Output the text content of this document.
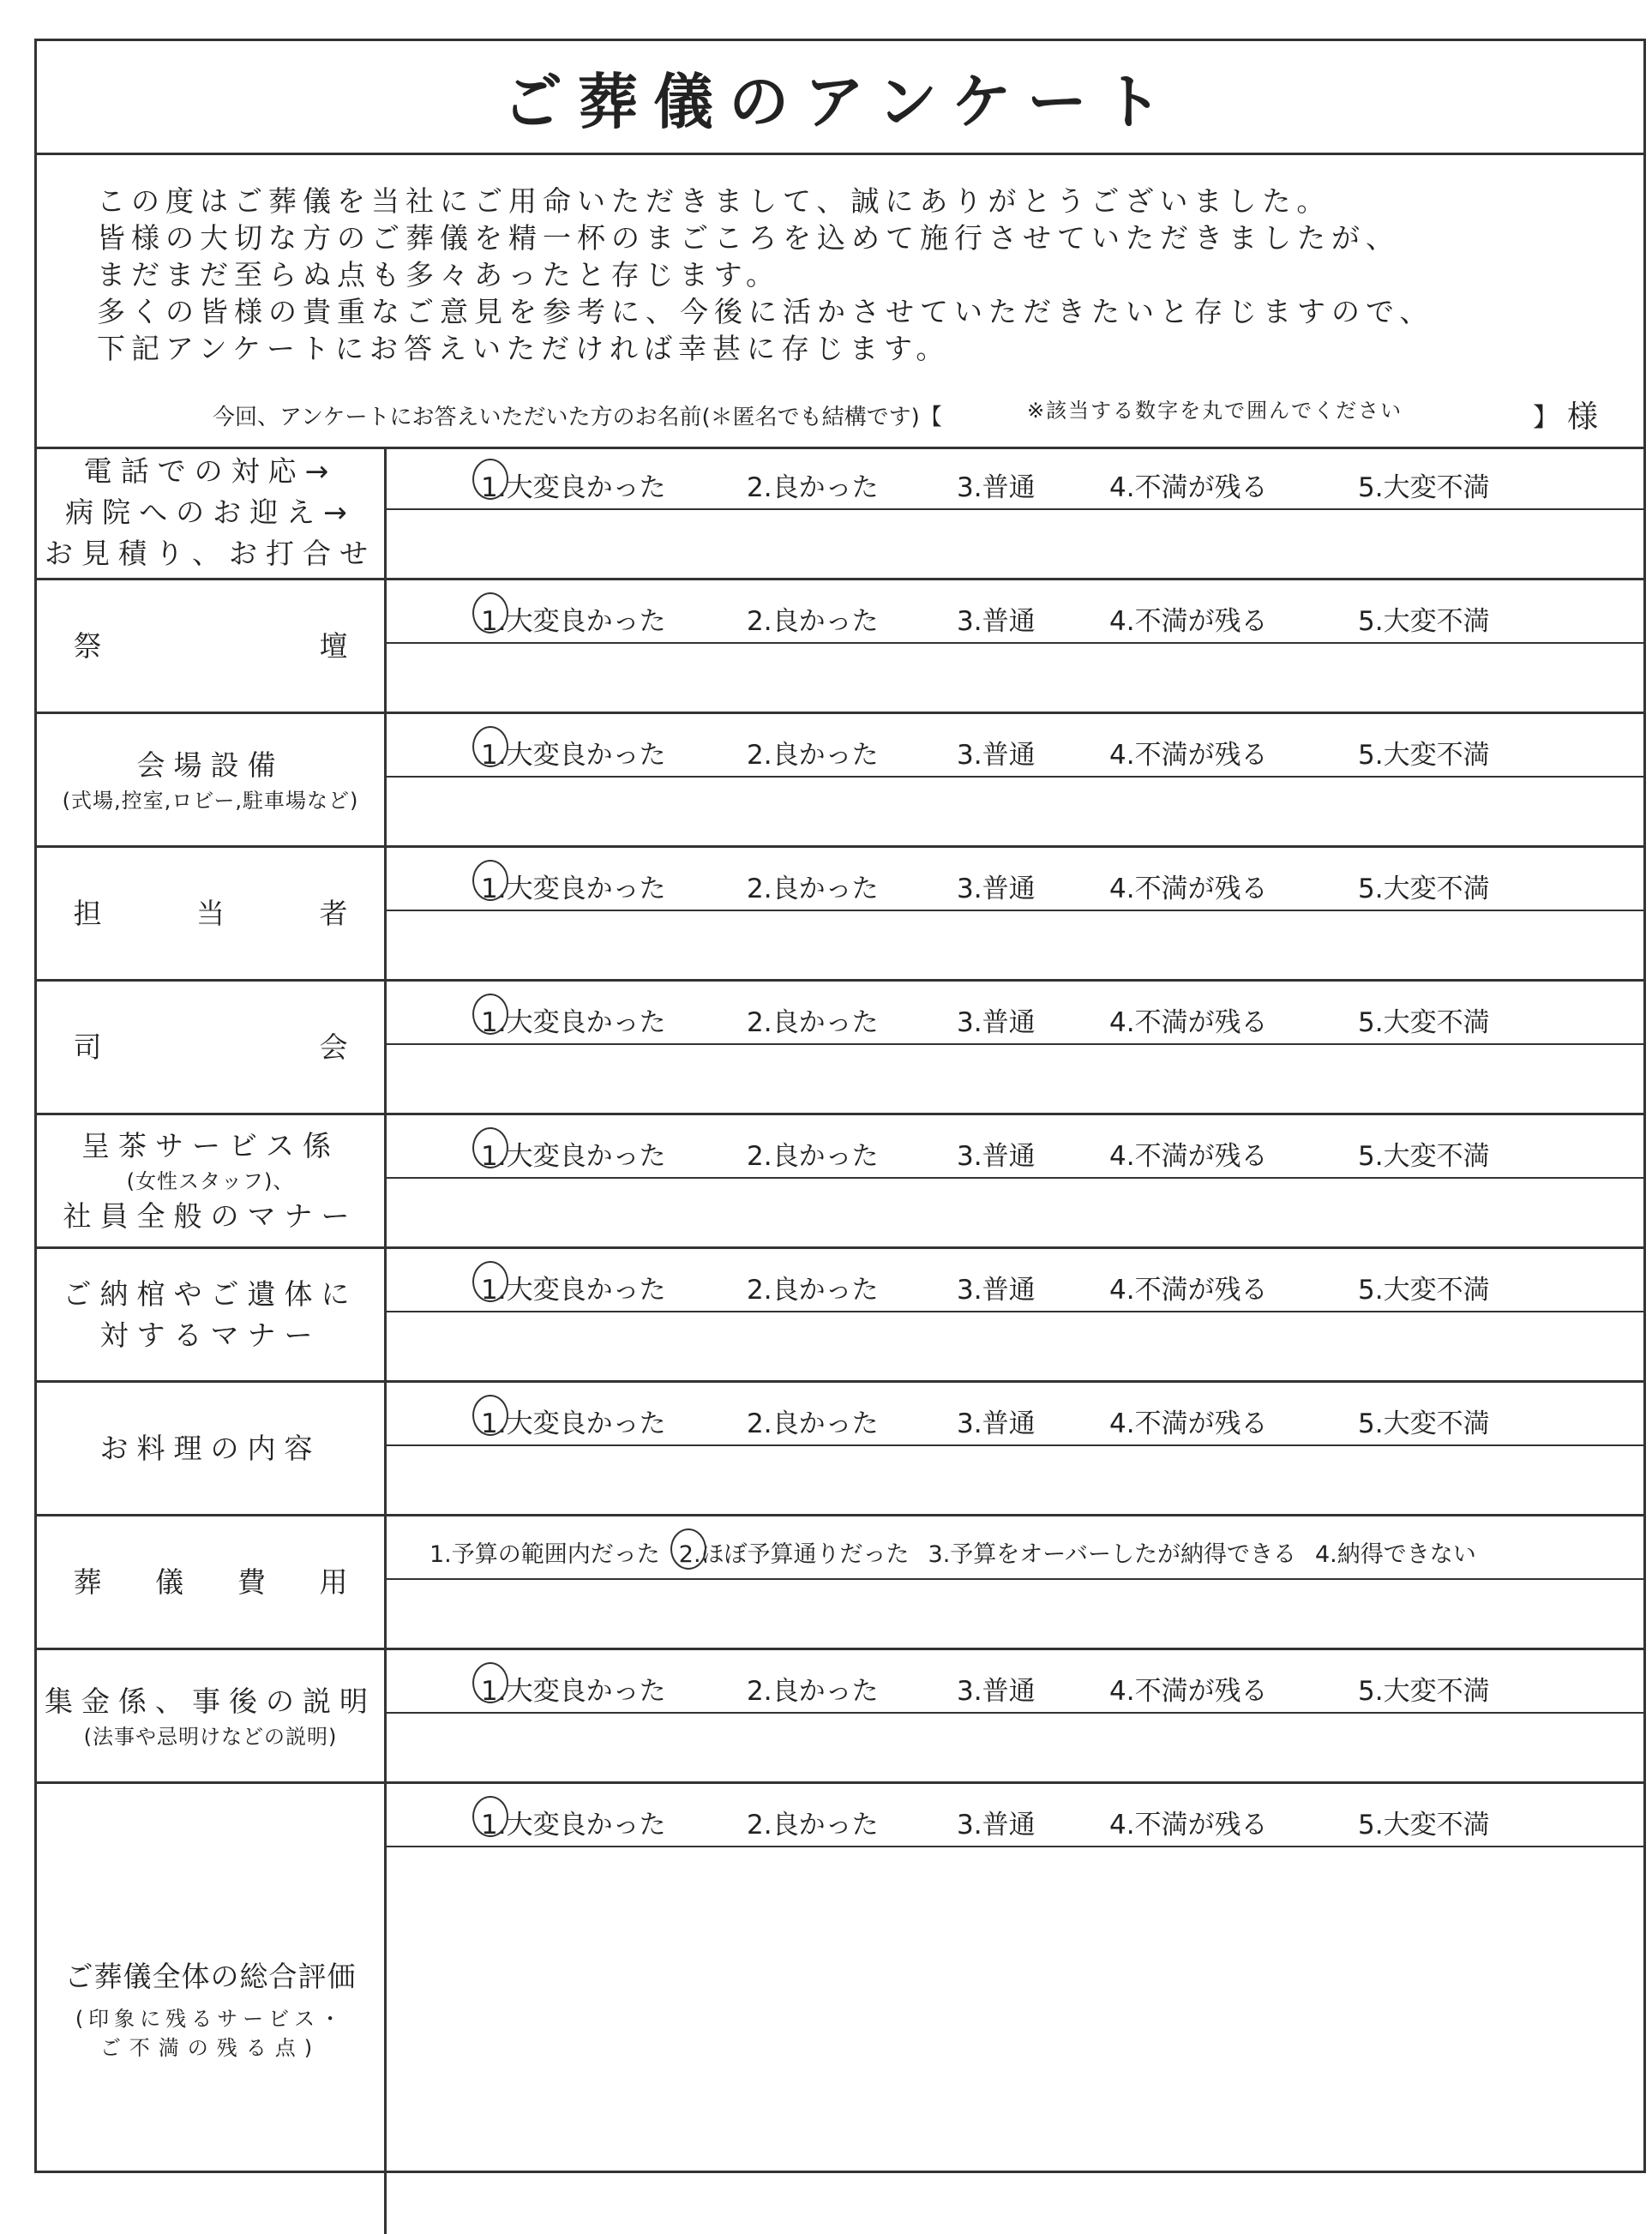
ご葬儀のアンケート
この度はご葬儀を当社にご用命いただきまして、誠にありがとうございました。
皆様の大切な方のご葬儀を精一杯のまごころを込めて施行させていただきましたが、
まだまだ至らぬ点も多々あったと存じます。
多くの皆様の貴重なご意見を参考に、今後に活かさせていただきたいと存じますので、
下記アンケートにお答えいただければ幸甚に存じます。
※該当する数字を丸で囲んでください
今回、アンケートにお答えいただいた方のお名前(＊匿名でも結構です)【	】 様
電話での対応→
病院へのお迎え→
お見積り、お打合せ
1.大変良かった	2.良かった	3.普通	4.不満が残る	5.大変不満
祭	壇
1.大変良かった	2.良かった	3.普通	4.不満が残る	5.大変不満
会場設備
(式場,控室,ロビー,駐車場など)
1.大変良かった	2.良かった	3.普通	4.不満が残る	5.大変不満
担	当	者
1.大変良かった	2.良かった	3.普通	4.不満が残る	5.大変不満
司	会
1.大変良かった	2.良かった	3.普通	4.不満が残る	5.大変不満
呈茶サービス係
(女性スタッフ)、
社員全般のマナー
1.大変良かった	2.良かった	3.普通	4.不満が残る	5.大変不満
ご納棺やご遺体に
対するマナー
1.大変良かった	2.良かった	3.普通	4.不満が残る	5.大変不満
お料理の内容
1.大変良かった	2.良かった	3.普通	4.不満が残る	5.大変不満
葬 儀 費 用
1.予算の範囲内だった 2.ほぼ予算通りだった 3.予算をオーバーしたが納得できる 4.納得できない
集金係、事後の説明
(法事や忌明けなどの説明)
1.大変良かった	2.良かった	3.普通	4.不満が残る	5.大変不満
ご葬儀全体の総合評価
(印象に残るサービス・
ご不満の残る点)
1.大変良かった	2.良かった	3.普通	4.不満が残る	5.大変不満
